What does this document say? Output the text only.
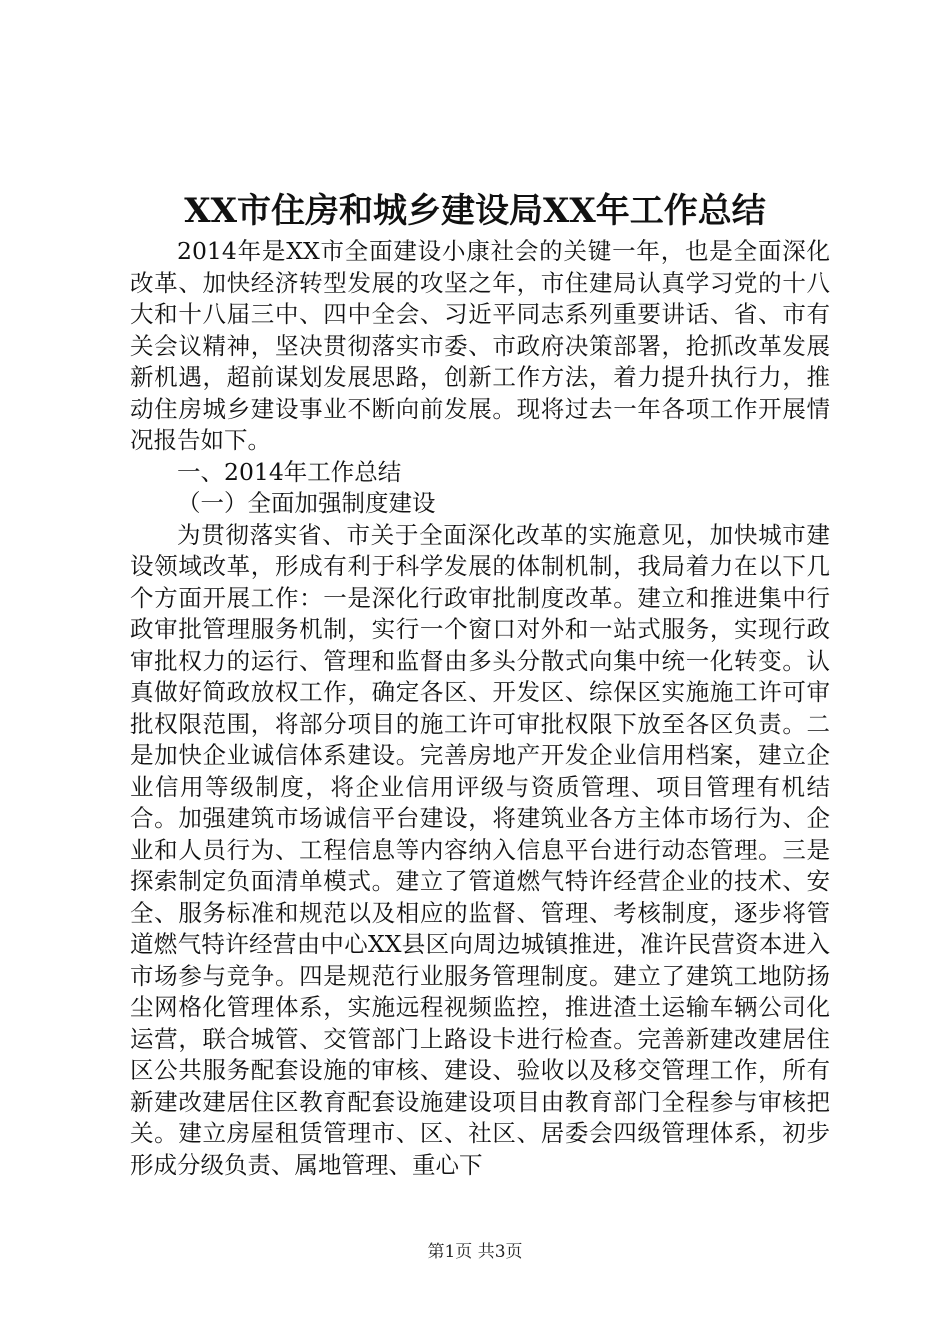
XX市住房和城乡建设局XX年工作总结

2014年是XX市全面建设小康社会的关键一年，也是全面深化改革、加快经济转型发展的攻坚之年，市住建局认真学习党的十八大和十八届三中、四中全会、习近平同志系列重要讲话、省、市有关会议精神，坚决贯彻落实市委、市政府决策部署，抢抓改革发展新机遇，超前谋划发展思路，创新工作方法，着力提升执行力，推动住房城乡建设事业不断向前发展。现将过去一年各项工作开展情况报告如下。

一、2014年工作总结

（一）全面加强制度建设

为贯彻落实省、市关于全面深化改革的实施意见，加快城市建设领域改革，形成有利于科学发展的体制机制，我局着力在以下几个方面开展工作：一是深化行政审批制度改革。建立和推进集中行政审批管理服务机制，实行一个窗口对外和一站式服务，实现行政审批权力的运行、管理和监督由多头分散式向集中统一化转变。认真做好简政放权工作，确定各区、开发区、综保区实施施工许可审批权限范围，将部分项目的施工许可审批权限下放至各区负责。二是加快企业诚信体系建设。完善房地产开发企业信用档案，建立企业信用等级制度，将企业信用评级与资质管理、项目管理有机结合。加强建筑市场诚信平台建设，将建筑业各方主体市场行为、企业和人员行为、工程信息等内容纳入信息平台进行动态管理。三是探索制定负面清单模式。建立了管道燃气特许经营企业的技术、安全、服务标准和规范以及相应的监督、管理、考核制度，逐步将管道燃气特许经营由中心XX县区向周边城镇推进，准许民营资本进入市场参与竞争。四是规范行业服务管理制度。建立了建筑工地防扬尘网格化管理体系，实施远程视频监控，推进渣土运输车辆公司化运营，联合城管、交管部门上路设卡进行检查。完善新建改建居住区公共服务配套设施的审核、建设、验收以及移交管理工作，所有新建改建居住区教育配套设施建设项目由教育部门全程参与审核把关。建立房屋租赁管理市、区、社区、居委会四级管理体系，初步形成分级负责、属地管理、重心下

第1页 共3页
